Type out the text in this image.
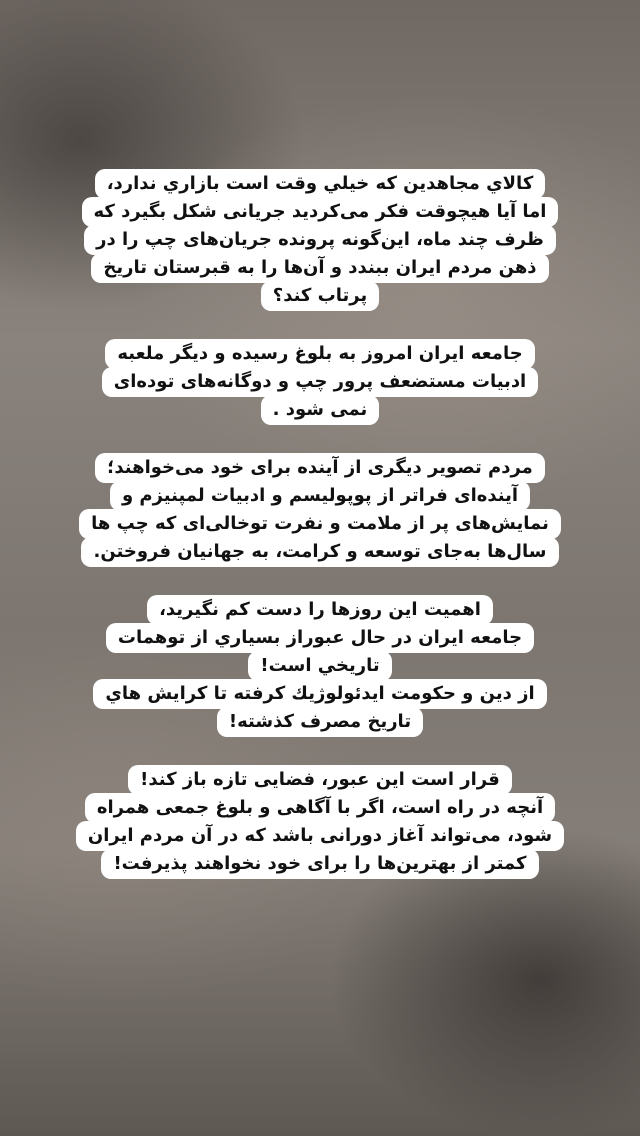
کالاي مجاهدين که خيلي وقت است بازاري ندارد،
اما آیا هیچوقت فکر می‌کردید جریانی شکل بگیرد که
ظرف چند ماه، این‌گونه پرونده جریان‌های چپ را در
ذهن مردم ایران ببندد و آن‌ها را به قبرستان تاریخ
پرتاب کند؟
جامعه ایران امروز به بلوغ رسیده و دیگر ملعبه
ادبیات مستضعف پرور چپ و دوگانه‌های توده‌ای
نمی شود .
مردم تصویر دیگری از آینده برای خود می‌خواهند؛
آینده‌ای فراتر از پوپولیسم و ادبیات لمپنیزم و
نمایش‌های پر از ملامت و نفرت توخالی‌ای که چپ ها
سال‌ها به‌جای توسعه و کرامت، به جهانیان فروختن.
اهمیت این روزها را دست کم نگیرید،
جامعه ایران در حال عبوراز بسياري از توهمات
تاريخي است!
از دين و حکومت ايدئولوژيك كرفته تا كرايش هاي
تاريخ مصرف كذشته!
قرار است این عبور، فضایی تازه باز کند!
آنچه در راه است، اگر با آگاهی و بلوغ جمعی همراه
شود، می‌تواند آغاز دورانی باشد که در آن مردم ایران
کمتر از بهترین‌ها را برای خود نخواهند پذیرفت!
